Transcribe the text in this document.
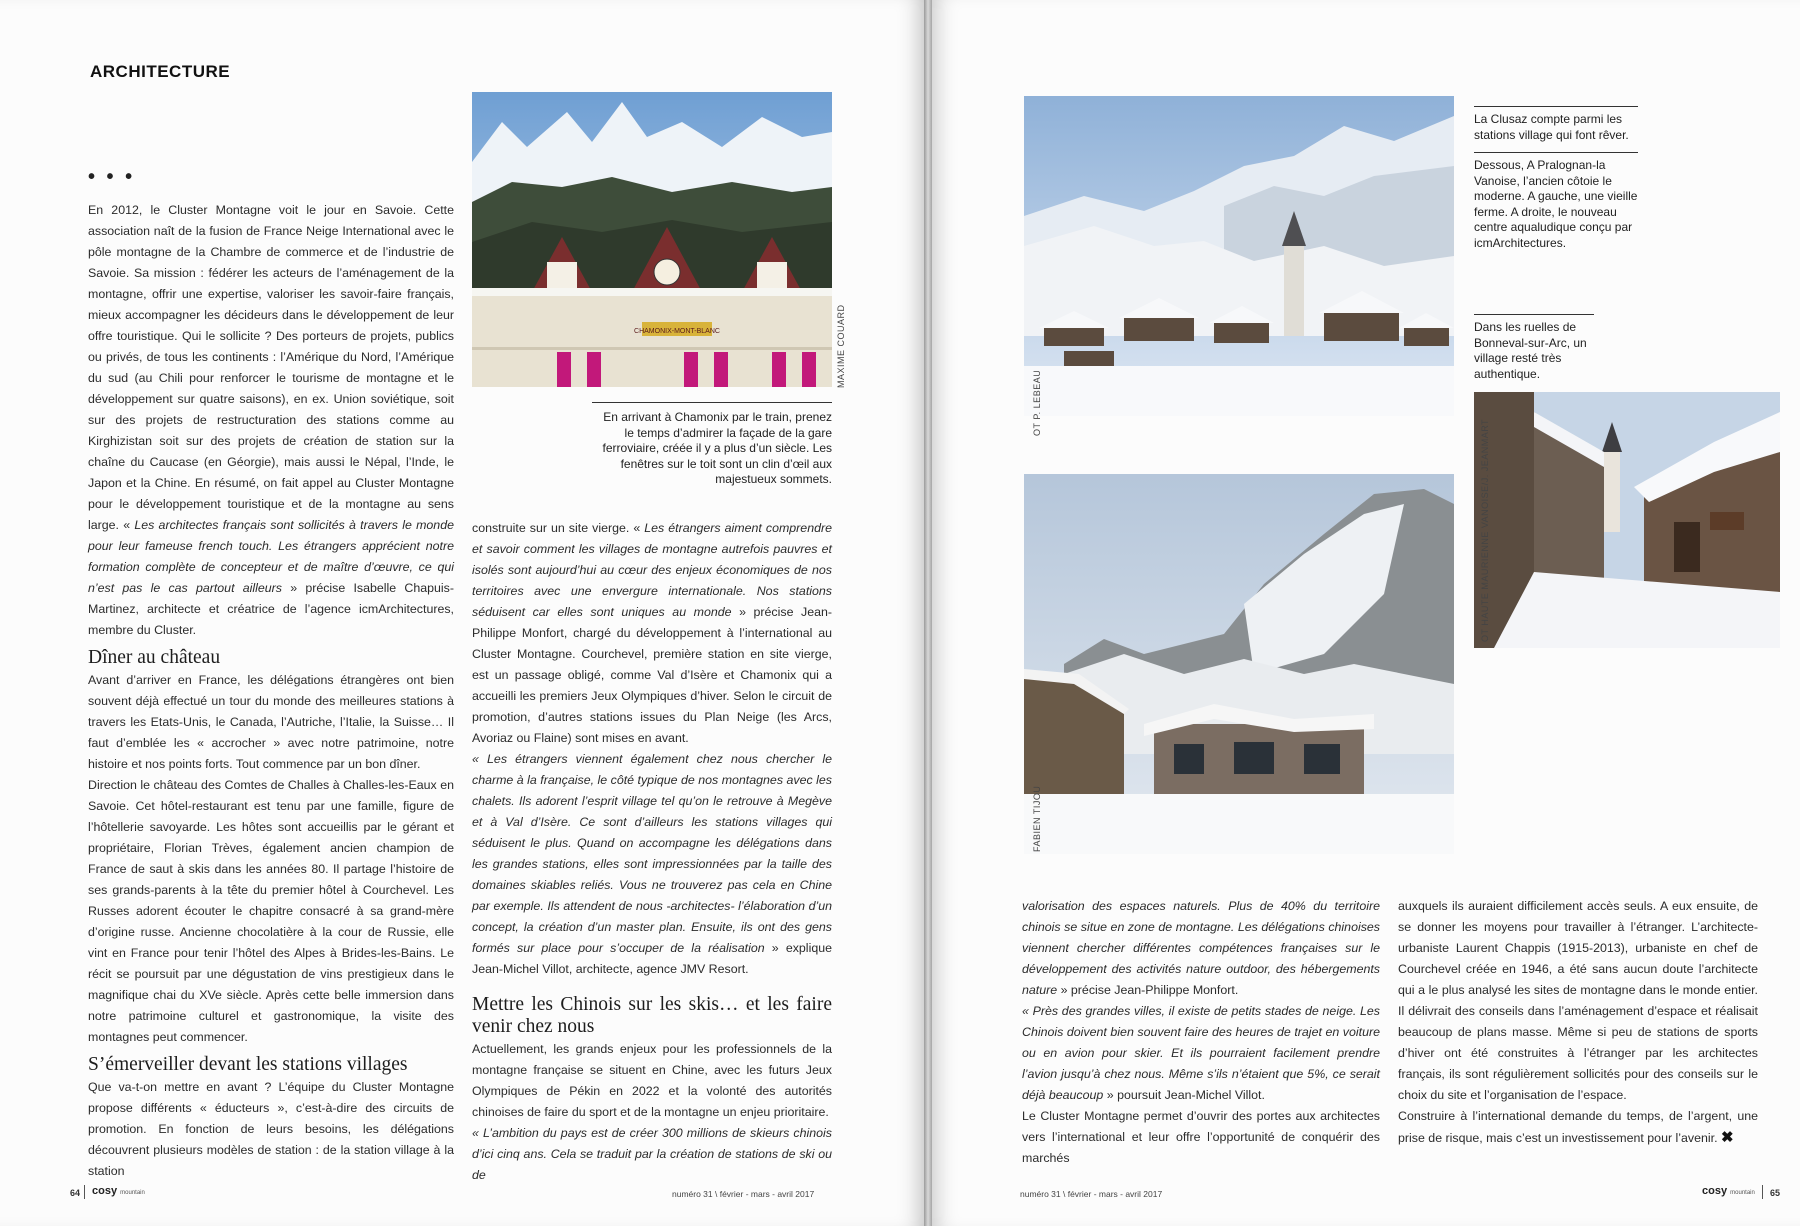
ARCHITECTURE
• • •

En 2012, le Cluster Montagne voit le jour en Savoie. Cette association naît de la fusion de France Neige International avec le pôle montagne de la Chambre de commerce et de l’industrie de Savoie. Sa mission : fédérer les acteurs de l’aménagement de la montagne, offrir une expertise, valoriser les savoir-faire français, mieux accompagner les décideurs dans le développement de leur offre touristique. Qui le sollicite ? Des porteurs de projets, publics ou privés, de tous les continents : l’Amérique du Nord, l’Amérique du sud (au Chili pour renforcer le tourisme de montagne et le développement sur quatre saisons), en ex. Union soviétique, soit sur des projets de restructuration des stations comme au Kirghizistan soit sur des projets de création de station sur la chaîne du Caucase (en Géorgie), mais aussi le Népal, l’Inde, le Japon et la Chine. En résumé, on fait appel au Cluster Montagne pour le développement touristique et de la montagne au sens large. « Les architectes français sont sollicités à travers le monde pour leur fameuse french touch. Les étrangers apprécient notre formation complète de concepteur et de maître d’œuvre, ce qui n’est pas le cas partout ailleurs » précise Isabelle Chapuis-Martinez, architecte et créatrice de l’agence icmArchitectures, membre du Cluster.

Dîner au château

Avant d’arriver en France, les délégations étrangères ont bien souvent déjà effectué un tour du monde des meilleures stations à travers les Etats-Unis, le Canada, l’Autriche, l’Italie, la Suisse… Il faut d’emblée les « accrocher » avec notre patrimoine, notre histoire et nos points forts. Tout commence par un bon dîner.

Direction le château des Comtes de Challes à Challes-les-Eaux en Savoie. Cet hôtel-restaurant est tenu par une famille, figure de l’hôtellerie savoyarde. Les hôtes sont accueillis par le gérant et propriétaire, Florian Trèves, également ancien champion de France de saut à skis dans les années 80. Il partage l’histoire de ses grands-parents à la tête du premier hôtel à Courchevel. Les Russes adorent écouter le chapitre consacré à sa grand-mère d’origine russe. Ancienne chocolatière à la cour de Russie, elle vint en France pour tenir l’hôtel des Alpes à Brides-les-Bains. Le récit se poursuit par une dégustation de vins prestigieux dans le magnifique chai du XVe siècle. Après cette belle immersion dans notre patrimoine culturel et gastronomique, la visite des montagnes peut commencer.

S’émerveiller devant les stations villages

Que va-t-on mettre en avant ? L’équipe du Cluster Montagne propose différents « éducteurs », c’est-à-dire des circuits de promotion. En fonction de leurs besoins, les délégations découvrent plusieurs modèles de station : de la station village à la station

CHAMONIX-MONT-BLANC	MAXIME COUARD
En arrivant à Chamonix par le train, prenez le temps d’admirer la façade de la gare ferroviaire, créée il y a plus d’un siècle. Les fenêtres sur le toit sont un clin d’œil aux majestueux sommets.

construite sur un site vierge. « Les étrangers aiment comprendre et savoir comment les villages de montagne autrefois pauvres et isolés sont aujourd’hui au cœur des enjeux économiques de nos territoires avec une envergure internationale. Nos stations séduisent car elles sont uniques au monde » précise Jean-Philippe Monfort, chargé du développement à l’international au Cluster Montagne. Courchevel, première station en site vierge, est un passage obligé, comme Val d’Isère et Chamonix qui a accueilli les premiers Jeux Olympiques d’hiver. Selon le circuit de promotion, d’autres stations issues du Plan Neige (les Arcs, Avoriaz ou Flaine) sont mises en avant.

« Les étrangers viennent également chez nous chercher le charme à la française, le côté typique de nos montagnes avec les chalets. Ils adorent l’esprit village tel qu’on le retrouve à Megève et à Val d’Isère. Ce sont d’ailleurs les stations villages qui séduisent le plus. Quand on accompagne les délégations dans les grandes stations, elles sont impressionnées par la taille des domaines skiables reliés. Vous ne trouverez pas cela en Chine par exemple. Ils attendent de nous -architectes- l’élaboration d’un concept, la création d’un master plan. Ensuite, ils ont des gens formés sur place pour s’occuper de la réalisation » explique Jean-Michel Villot, architecte, agence JMV Resort.

Mettre les Chinois sur les skis… et les faire venir chez nous

Actuellement, les grands enjeux pour les professionnels de la montagne française se situent en Chine, avec les futurs Jeux Olympiques de Pékin en 2022 et la volonté des autorités chinoises de faire du sport et de la montagne un enjeu prioritaire.

« L’ambition du pays est de créer 300 millions de skieurs chinois d’ici cinq ans. Cela se traduit par la création de stations de ski ou de

64 cosy mountain	numéro 31 \ février - mars - avril 2017
OT P. LEBEAU
La Clusaz compte parmi les stations village qui font rêver.
Dessous, A Pralognan-la Vanoise, l’ancien côtoie le moderne. A gauche, une vieille ferme. A droite, le nouveau centre aqualudique conçu par icmArchitectures.
Dans les ruelles de Bonneval-sur-Arc, un village resté très authentique.
OT HAUTE MAURIENNE VANOISE/J. JEANMART
FABIEN TIJOU

valorisation des espaces naturels. Plus de 40% du territoire chinois se situe en zone de montagne. Les délégations chinoises viennent chercher différentes compétences françaises sur le développement des activités nature outdoor, des hébergements nature » précise Jean-Philippe Monfort.

« Près des grandes villes, il existe de petits stades de neige. Les Chinois doivent bien souvent faire des heures de trajet en voiture ou en avion pour skier. Et ils pourraient facilement prendre l’avion jusqu’à chez nous. Même s’ils n’étaient que 5%, ce serait déjà beaucoup » poursuit Jean-Michel Villot.

Le Cluster Montagne permet d’ouvrir des portes aux architectes vers l’international et leur offre l’opportunité de conquérir des marchés

auxquels ils auraient difficilement accès seuls. A eux ensuite, de se donner les moyens pour travailler à l’étranger. L’architecte-urbaniste Laurent Chappis (1915-2013), urbaniste en chef de Courchevel créée en 1946, a été sans aucun doute l’architecte qui a le plus analysé les sites de montagne dans le monde entier. Il délivrait des conseils dans l’aménagement d’espace et réalisait beaucoup de plans masse. Même si peu de stations de sports d’hiver ont été construites à l’étranger par les architectes français, ils sont régulièrement sollicités pour des conseils sur le choix du site et l’organisation de l’espace.

Construire à l’international demande du temps, de l’argent, une prise de risque, mais c’est un investissement pour l’avenir. ✖

numéro 31 \ février - mars - avril 2017	cosy mountain 65
